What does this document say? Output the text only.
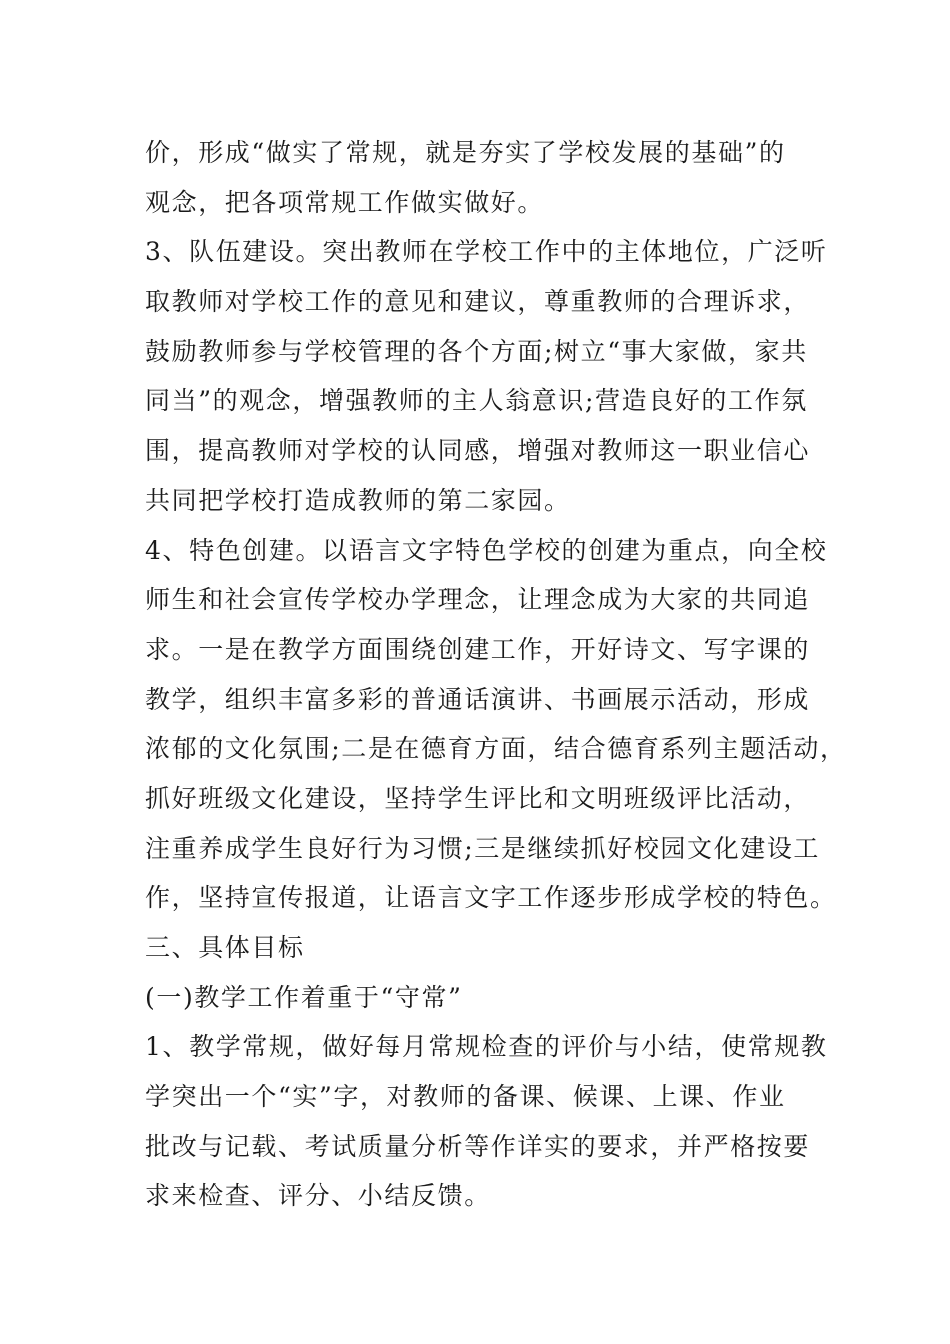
价，形成“做实了常规，就是夯实了学校发展的基础”的
观念，把各项常规工作做实做好。
3、队伍建设。突出教师在学校工作中的主体地位，广泛听
取教师对学校工作的意见和建议，尊重教师的合理诉求，
鼓励教师参与学校管理的各个方面;树立“事大家做，家共
同当”的观念，增强教师的主人翁意识;营造良好的工作氛
围，提高教师对学校的认同感，增强对教师这一职业信心
共同把学校打造成教师的第二家园。
4、特色创建。以语言文字特色学校的创建为重点，向全校
师生和社会宣传学校办学理念，让理念成为大家的共同追
求。一是在教学方面围绕创建工作，开好诗文、写字课的
教学，组织丰富多彩的普通话演讲、书画展示活动，形成
浓郁的文化氛围;二是在德育方面，结合德育系列主题活动，
抓好班级文化建设，坚持学生评比和文明班级评比活动，
注重养成学生良好行为习惯;三是继续抓好校园文化建设工
作，坚持宣传报道，让语言文字工作逐步形成学校的特色。
三、具体目标
(一)教学工作着重于“守常”
1、教学常规，做好每月常规检查的评价与小结，使常规教
学突出一个“实”字，对教师的备课、候课、上课、作业
批改与记载、考试质量分析等作详实的要求，并严格按要
求来检查、评分、小结反馈。
